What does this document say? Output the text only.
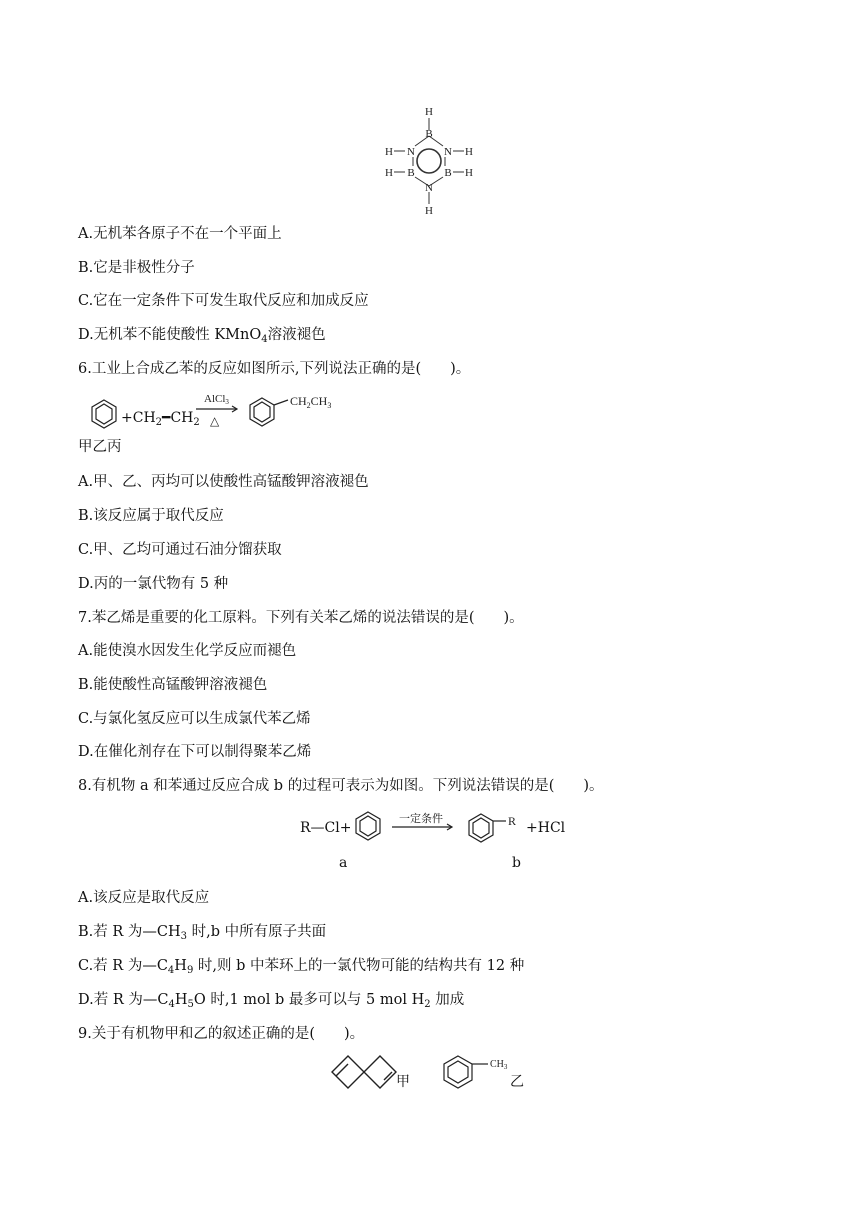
H
B
H N	N H
H B	B H
N
H
A.无机苯各原子不在一个平面上
B.它是非极性分子
C.它在一定条件下可发生取代反应和加成反应
D.无机苯不能使酸性 KMnO$_4$溶液褪色
6.工业上合成乙苯的反应如图所示,下列说法正确的是(　　)。
AlCl3
△
$CH_2CH_3$
$+CH_2━CH_2$
甲乙丙
A.甲、乙、丙均可以使酸性高锰酸钾溶液褪色
B.该反应属于取代反应
C.甲、乙均可通过石油分馏获取
D.丙的一氯代物有 5 种
7.苯乙烯是重要的化工原料。下列有关苯乙烯的说法错误的是(　　)。
A.能使溴水因发生化学反应而褪色
B.能使酸性高锰酸钾溶液褪色
C.与氯化氢反应可以生成氯代苯乙烯
D.在催化剂存在下可以制得聚苯乙烯
8.有机物 a 和苯通过反应合成 b 的过程可表示为如图。下列说法错误的是(　　)。
R—Cl+
一定条件	R +HCl
a	b
A.该反应是取代反应
B.若 R 为$—CH_3$ 时,b 中所有原子共面
C.若 R 为$—C_4H_9$ 时,则 b 中苯环上的一氯代物可能的结构共有 12 种
D.若 R 为$—C_4H_5O$ 时,1 mol b 最多可以与 5 mol $H_2$ 加成
9.关于有机物甲和乙的叙述正确的是(　　)。
甲
$CH_3$
乙
